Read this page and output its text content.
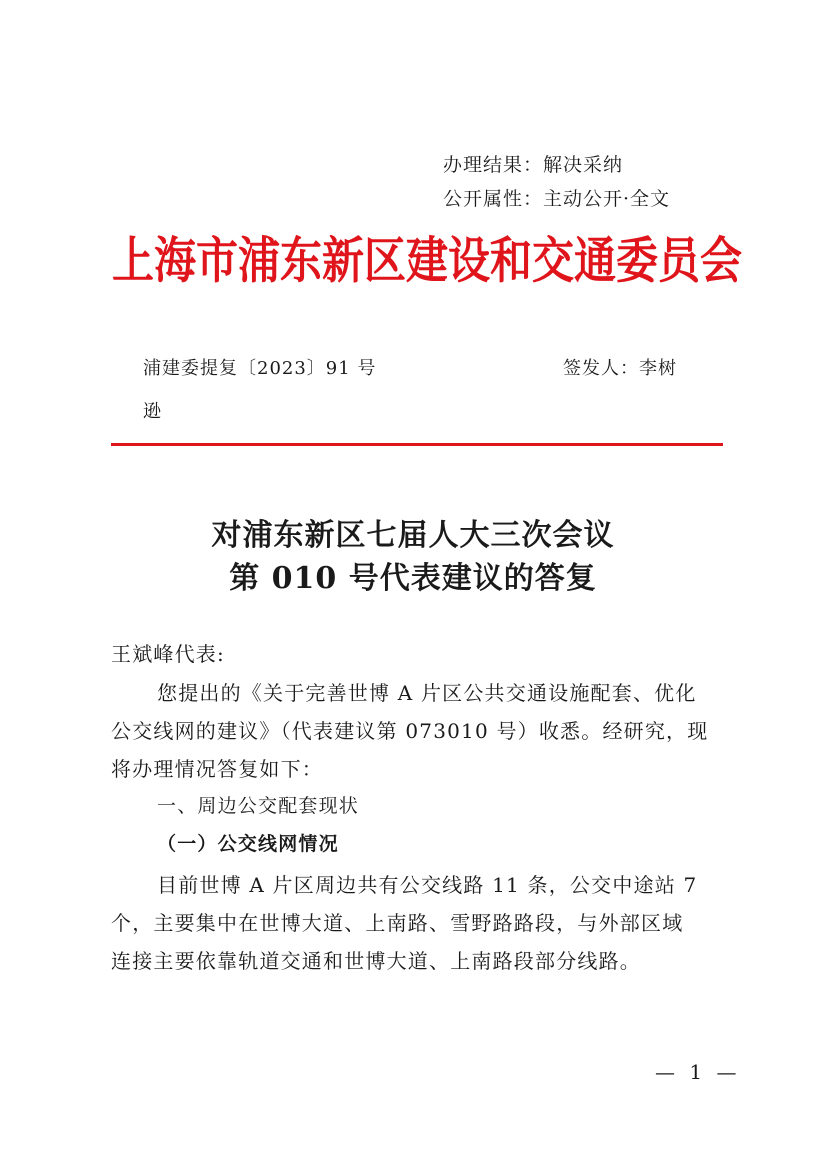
办理结果：解决采纳
公开属性：主动公开·全文
上海市浦东新区建设和交通委员会
浦建委提复〔2023〕91 号	签发人：李树
逊
对浦东新区七届人大三次会议
第 010 号代表建议的答复
王斌峰代表:
您提出的《关于完善世博 A 片区公共交通设施配套、优化
公交线网的建议》（代表建议第 073010 号）收悉。经研究，现
将办理情况答复如下：
一、周边公交配套现状
（一）公交线网情况
目前世博 A 片区周边共有公交线路 11 条，公交中途站 7
个，主要集中在世博大道、上南路、雪野路路段，与外部区域
连接主要依靠轨道交通和世博大道、上南路段部分线路。
— 1 —
